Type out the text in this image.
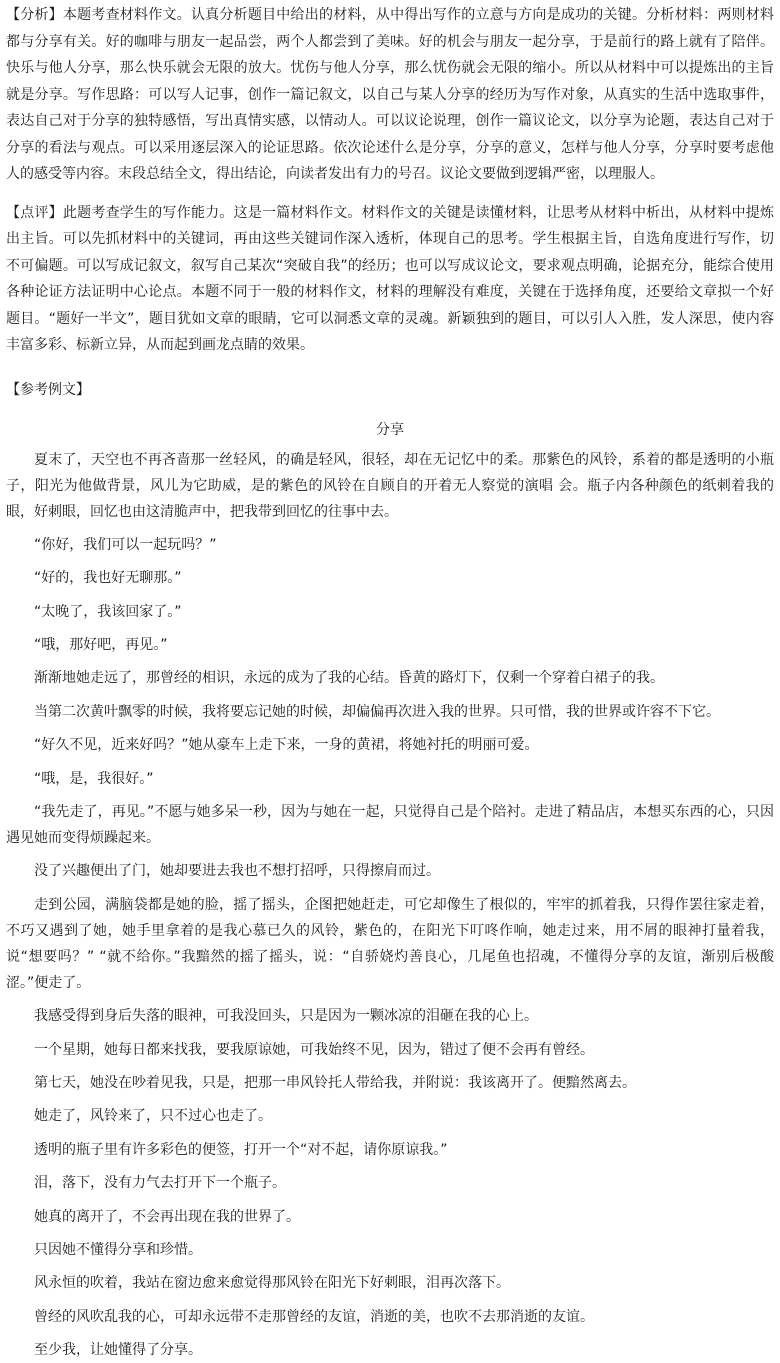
【分析】本题考查材料作文。认真分析题目中给出的材料，从中得出写作的立意与方向是成功的关键。分析材料：两则材料都与分享有关。好的咖啡与朋友一起品尝，两个人都尝到了美味。好的机会与朋友一起分享，于是前行的路上就有了陪伴。快乐与他人分享，那么快乐就会无限的放大。忧伤与他人分享，那么忧伤就会无限的缩小。所以从材料中可以提炼出的主旨就是分享。写作思路：可以写人记事，创作一篇记叙文，以自己与某人分享的经历为写作对象，从真实的生活中选取事件，表达自己对于分享的独特感悟，写出真情实感，以情动人。可以议论说理，创作一篇议论文，以分享为论题，表达自己对于分享的看法与观点。可以采用逐层深入的论证思路。依次论述什么是分享，分享的意义，怎样与他人分享，分享时要考虑他人的感受等内容。末段总结全文，得出结论，向读者发出有力的号召。议论文要做到逻辑严密，以理服人。

【点评】此题考查学生的写作能力。这是一篇材料作文。材料作文的关键是读懂材料，让思考从材料中析出，从材料中提炼出主旨。可以先抓材料中的关键词，再由这些关键词作深入透析，体现自己的思考。学生根据主旨，自选角度进行写作，切不可偏题。可以写成记叙文，叙写自己某次“突破自我”的经历；也可以写成议论文，要求观点明确，论据充分，能综合使用各种论证方法证明中心论点。本题不同于一般的材料作文，材料的理解没有难度，关键在于选择角度，还要给文章拟一个好题目。“题好一半文”，题目犹如文章的眼睛，它可以洞悉文章的灵魂。新颖独到的题目，可以引人入胜，发人深思，使内容丰富多彩、标新立异，从而起到画龙点睛的效果。

【参考例文】
分享

夏末了，天空也不再吝啬那一丝轻风，的确是轻风，很轻，却在无记忆中的柔。那紫色的风铃，系着的都是透明的小瓶子，阳光为他做背景，风儿为它助威，是的紫色的风铃在自顾自的开着无人察觉的演唱 会。瓶子内各种颜色的纸刺着我的眼，好刺眼，回忆也由这清脆声中，把我带到回忆的往事中去。

“你好，我们可以一起玩吗？”

“好的，我也好无聊那。”

“太晚了，我该回家了。”

“哦，那好吧，再见。”

渐渐地她走远了，那曾经的相识，永远的成为了我的心结。昏黄的路灯下，仅剩一个穿着白裙子的我。

当第二次黄叶飘零的时候，我将要忘记她的时候，却偏偏再次进入我的世界。只可惜，我的世界或许容不下它。

“好久不见，近来好吗？”她从豪车上走下来，一身的黄裙，将她衬托的明丽可爱。

“哦，是，我很好。”

“我先走了，再见。”不愿与她多呆一秒，因为与她在一起，只觉得自己是个陪衬。走进了精品店，本想买东西的心，只因遇见她而变得烦躁起来。

没了兴趣便出了门，她却要进去我也不想打招呼，只得擦肩而过。

走到公园，满脑袋都是她的脸，摇了摇头，企图把她赶走，可它却像生了根似的，牢牢的抓着我，只得作罢往家走着，不巧又遇到了她，她手里拿着的是我心慕已久的风铃，紫色的，在阳光下叮咚作响，她走过来，用不屑的眼神打量着我，说“想要吗？” “就不给你。”我黯然的摇了摇头，说：“自骄娆灼善良心，几尾鱼也招魂，不懂得分享的友谊，渐别后极酸涩。”便走了。

我感受得到身后失落的眼神，可我没回头，只是因为一颗冰凉的泪砸在我的心上。

一个星期，她每日都来找我，要我原谅她，可我始终不见，因为，错过了便不会再有曾经。

第七天，她没在吵着见我，只是，把那一串风铃托人带给我，并附说：我该离开了。便黯然离去。

她走了，风铃来了，只不过心也走了。

透明的瓶子里有许多彩色的便签，打开一个“对不起，请你原谅我。”

泪，落下，没有力气去打开下一个瓶子。

她真的离开了，不会再出现在我的世界了。

只因她不懂得分享和珍惜。

风永恒的吹着，我站在窗边愈来愈觉得那风铃在阳光下好刺眼，泪再次落下。

曾经的风吹乱我的心，可却永远带不走那曾经的友谊，消逝的美，也吹不去那消逝的友谊。

至少我，让她懂得了分享。
